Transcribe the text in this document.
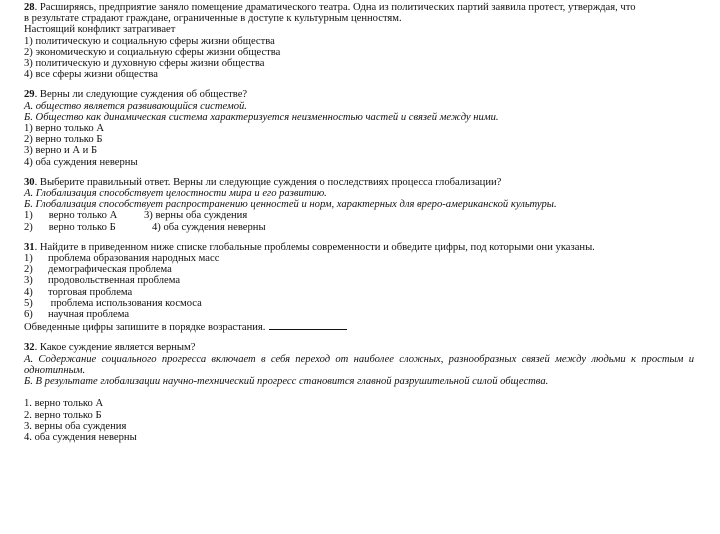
28. Расширяясь, предприятие заняло помещение драматического театра. Одна из политических партий заявила протест, утверждая, что
в результате страдают граждане, ограниченные в доступе к культурным ценностям.
Настоящий конфликт затрагивает
1) политическую и социальную сферы жизни общества
2) экономическую и социальную сферы жизни общества
3) политическую и духовную сферы жизни общества
4) все сферы жизни общества
29. Верны ли следующие суждения об обществе?
А. общество является развивающийся системой.
Б. Общество как динамическая система характеризуется неизменностью частей и связей между ними.
1) верно только А
2) верно только Б
3) верно и А и Б
4) оба суждения неверны
30. Выберите правильный ответ. Верны ли следующие суждения о последствиях процесса глобализации?
А. Глобализация способствует целостности мира и его развитию.
Б. Глобализация способствует распространению ценностей и норм, характерных для вреро-американской культуры.
1)      верно только А	3) верны оба суждения
2)      верно только Б	4) оба суждения неверны
31. Найдите в приведенном ниже списке глобальные проблемы современности и обведите цифры, под которыми они указаны.
1)	проблема образования народных масс
2)	демографическая проблема
3)	продовольственная проблема
4)	торговая проблема
5)	проблема использования космоса
6)	научная проблема
Обведенные цифры запишите в порядке возрастания.
32. Какое суждение является верным?
А. Содержание социального прогресса включает в себя переход от наиболее сложных, разнообразных связей между людьми к простым и однотипным.
Б. В результате глобализации научно-технический прогресс становится главной разрушительной силой общества.
1. верно только А
2. верно только Б
3. верны оба суждения
4. оба суждения неверны
